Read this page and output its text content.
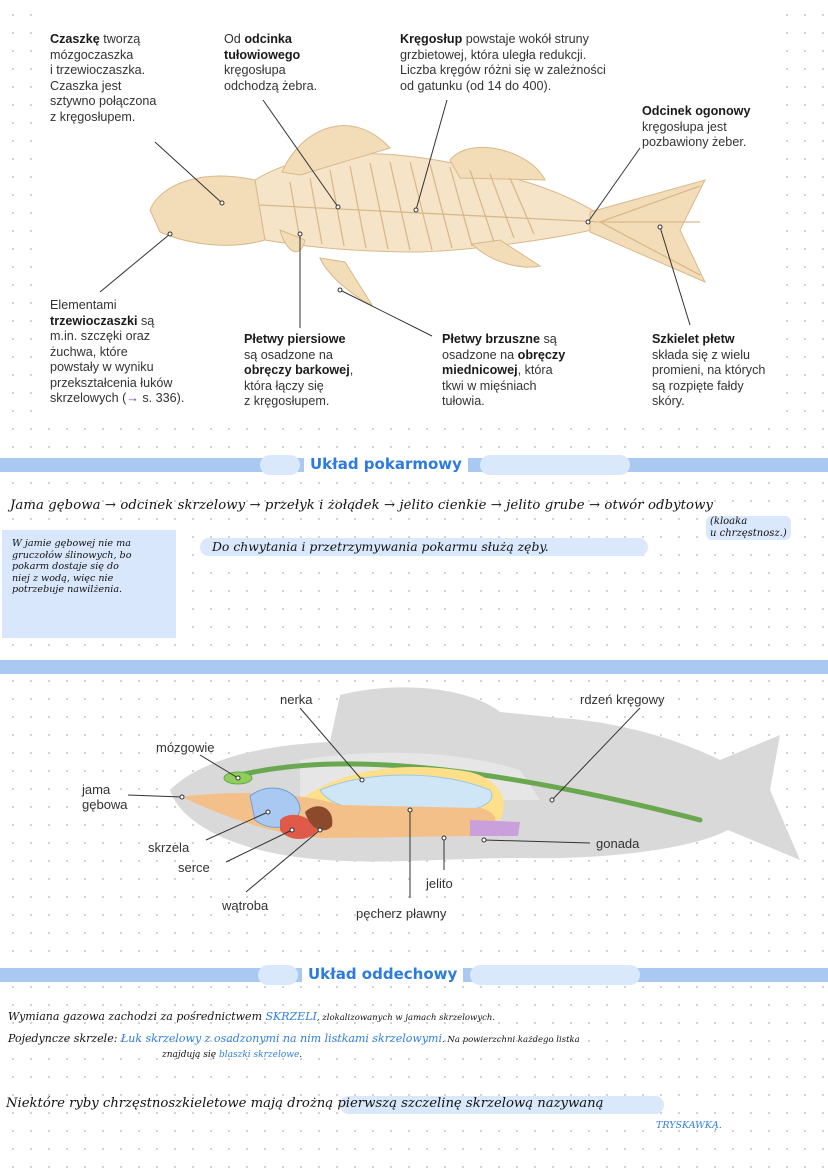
Czaszkę tworzą
mózgoczaszka
i trzewioczaszka.
Czaszka jest
sztywno połączona
z kręgosłupem.
Od odcinka
tułowiowego
kręgosłupa
odchodzą żebra.
Kręgosłup powstaje wokół struny
grzbietowej, która uległa redukcji.
Liczba kręgów różni się w zależności
od gatunku (od 14 do 400).
Odcinek ogonowy
kręgosłupa jest
pozbawiony żeber.
Elementami
trzewioczaszki są
m.in. szczęki oraz
żuchwa, które
powstały w wyniku
przekształcenia łuków
skrzelowych (→ s. 336).
Płetwy piersiowe
są osadzone na
obręczy barkowej,
która łączy się
z kręgosłupem.
Płetwy brzuszne są
osadzone na obręczy
miednicowej, która
tkwi w mięśniach
tułowia.
Szkielet płetw
składa się z wielu
promieni, na których
są rozpięte fałdy
skóry.
Układ pokarmowy
Jama gębowa → odcinek skrzelowy → przełyk i żołądek → jelito cienkie → jelito grube → otwór odbytowy
(kloaka
u chrzęstnosz.)
W jamie gębowej nie ma
gruczołów ślinowych, bo
pokarm dostaje się do
niej z wodą, więc nie
potrzebuje nawilżenia.
Do chwytania i przetrzymywania pokarmu służą zęby.
nerka	rdzeń kręgowy
mózgowie
jama
gębowa
skrzela
serce
gonada
jelito
wątroba
pęcherz pławny
Układ oddechowy
Wymiana gazowa zachodzi za pośrednictwem SKRZELI, zlokalizowanych w jamach skrzelowych.
Pojedyncze skrzele: Łuk skrzelowy z osadzonymi na nim listkami skrzelowymi. Na powierzchni każdego listka
znajdują się blaszki skrzelowe.
Niektóre ryby chrzęstnoszkieletowe mają drożną pierwszą szczelinę skrzelową nazywaną
TRYSKAWKĄ.
